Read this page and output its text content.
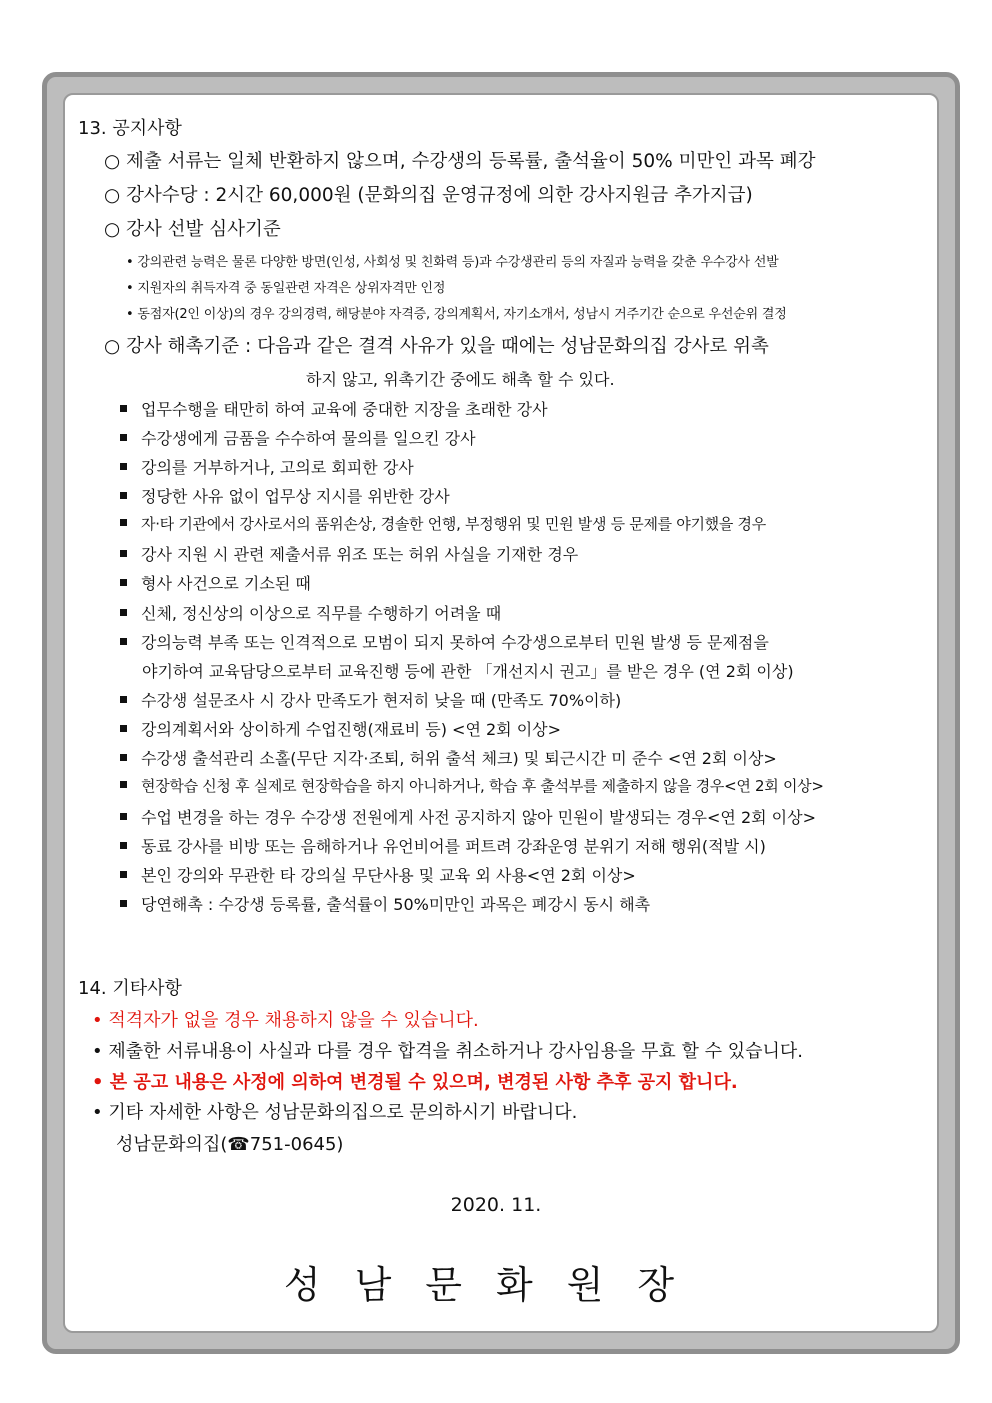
13. 공지사항
○ 제출 서류는 일체 반환하지 않으며, 수강생의 등록률, 출석율이 50% 미만인 과목 폐강
○ 강사수당 : 2시간 60,000원 (문화의집 운영규정에 의한 강사지원금 추가지급)
○ 강사 선발 심사기준
• 강의관련 능력은 물론 다양한 방면(인성, 사회성 및 친화력 등)과 수강생관리 등의 자질과 능력을 갖춘 우수강사 선발
• 지원자의 취득자격 중 동일관련 자격은 상위자격만 인정
• 동점자(2인 이상)의 경우 강의경력, 해당분야 자격증, 강의계획서, 자기소개서, 성남시 거주기간 순으로 우선순위 결정
○ 강사 해촉기준 : 다음과 같은 결격 사유가 있을 때에는 성남문화의집 강사로 위촉
하지 않고, 위촉기간 중에도 해촉 할 수 있다.
업무수행을 태만히 하여 교육에 중대한 지장을 초래한 강사
수강생에게 금품을 수수하여 물의를 일으킨 강사
강의를 거부하거나, 고의로 회피한 강사
정당한 사유 없이 업무상 지시를 위반한 강사
자·타 기관에서 강사로서의 품위손상, 경솔한 언행, 부정행위 및 민원 발생 등 문제를 야기했을 경우
강사 지원 시 관련 제출서류 위조 또는 허위 사실을 기재한 경우
형사 사건으로 기소된 때
신체, 정신상의 이상으로 직무를 수행하기 어려울 때
강의능력 부족 또는 인격적으로 모범이 되지 못하여 수강생으로부터 민원 발생 등 문제점을
야기하여 교육담당으로부터 교육진행 등에 관한 「개선지시 권고」를 받은 경우 (연 2회 이상)
수강생 설문조사 시 강사 만족도가 현저히 낮을 때 (만족도 70%이하)
강의계획서와 상이하게 수업진행(재료비 등) <연 2회 이상>
수강생 출석관리 소홀(무단 지각·조퇴, 허위 출석 체크) 및 퇴근시간 미 준수 <연 2회 이상>
현장학습 신청 후 실제로 현장학습을 하지 아니하거나, 학습 후 출석부를 제출하지 않을 경우<연 2회 이상>
수업 변경을 하는 경우 수강생 전원에게 사전 공지하지 않아 민원이 발생되는 경우<연 2회 이상>
동료 강사를 비방 또는 음해하거나 유언비어를 퍼트려 강좌운영 분위기 저해 행위(적발 시)
본인 강의와 무관한 타 강의실 무단사용 및 교육 외 사용<연 2회 이상>
당연해촉 : 수강생 등록률, 출석률이 50%미만인 과목은 폐강시 동시 해촉
14. 기타사항
• 적격자가 없을 경우 채용하지 않을 수 있습니다.
• 제출한 서류내용이 사실과 다를 경우 합격을 취소하거나 강사임용을 무효 할 수 있습니다.
• 본 공고 내용은 사정에 의하여 변경될 수 있으며, 변경된 사항 추후 공지 합니다.
• 기타 자세한 사항은 성남문화의집으로 문의하시기 바랍니다.
성남문화의집(☎751-0645)
2020. 11.
성남문화원장
